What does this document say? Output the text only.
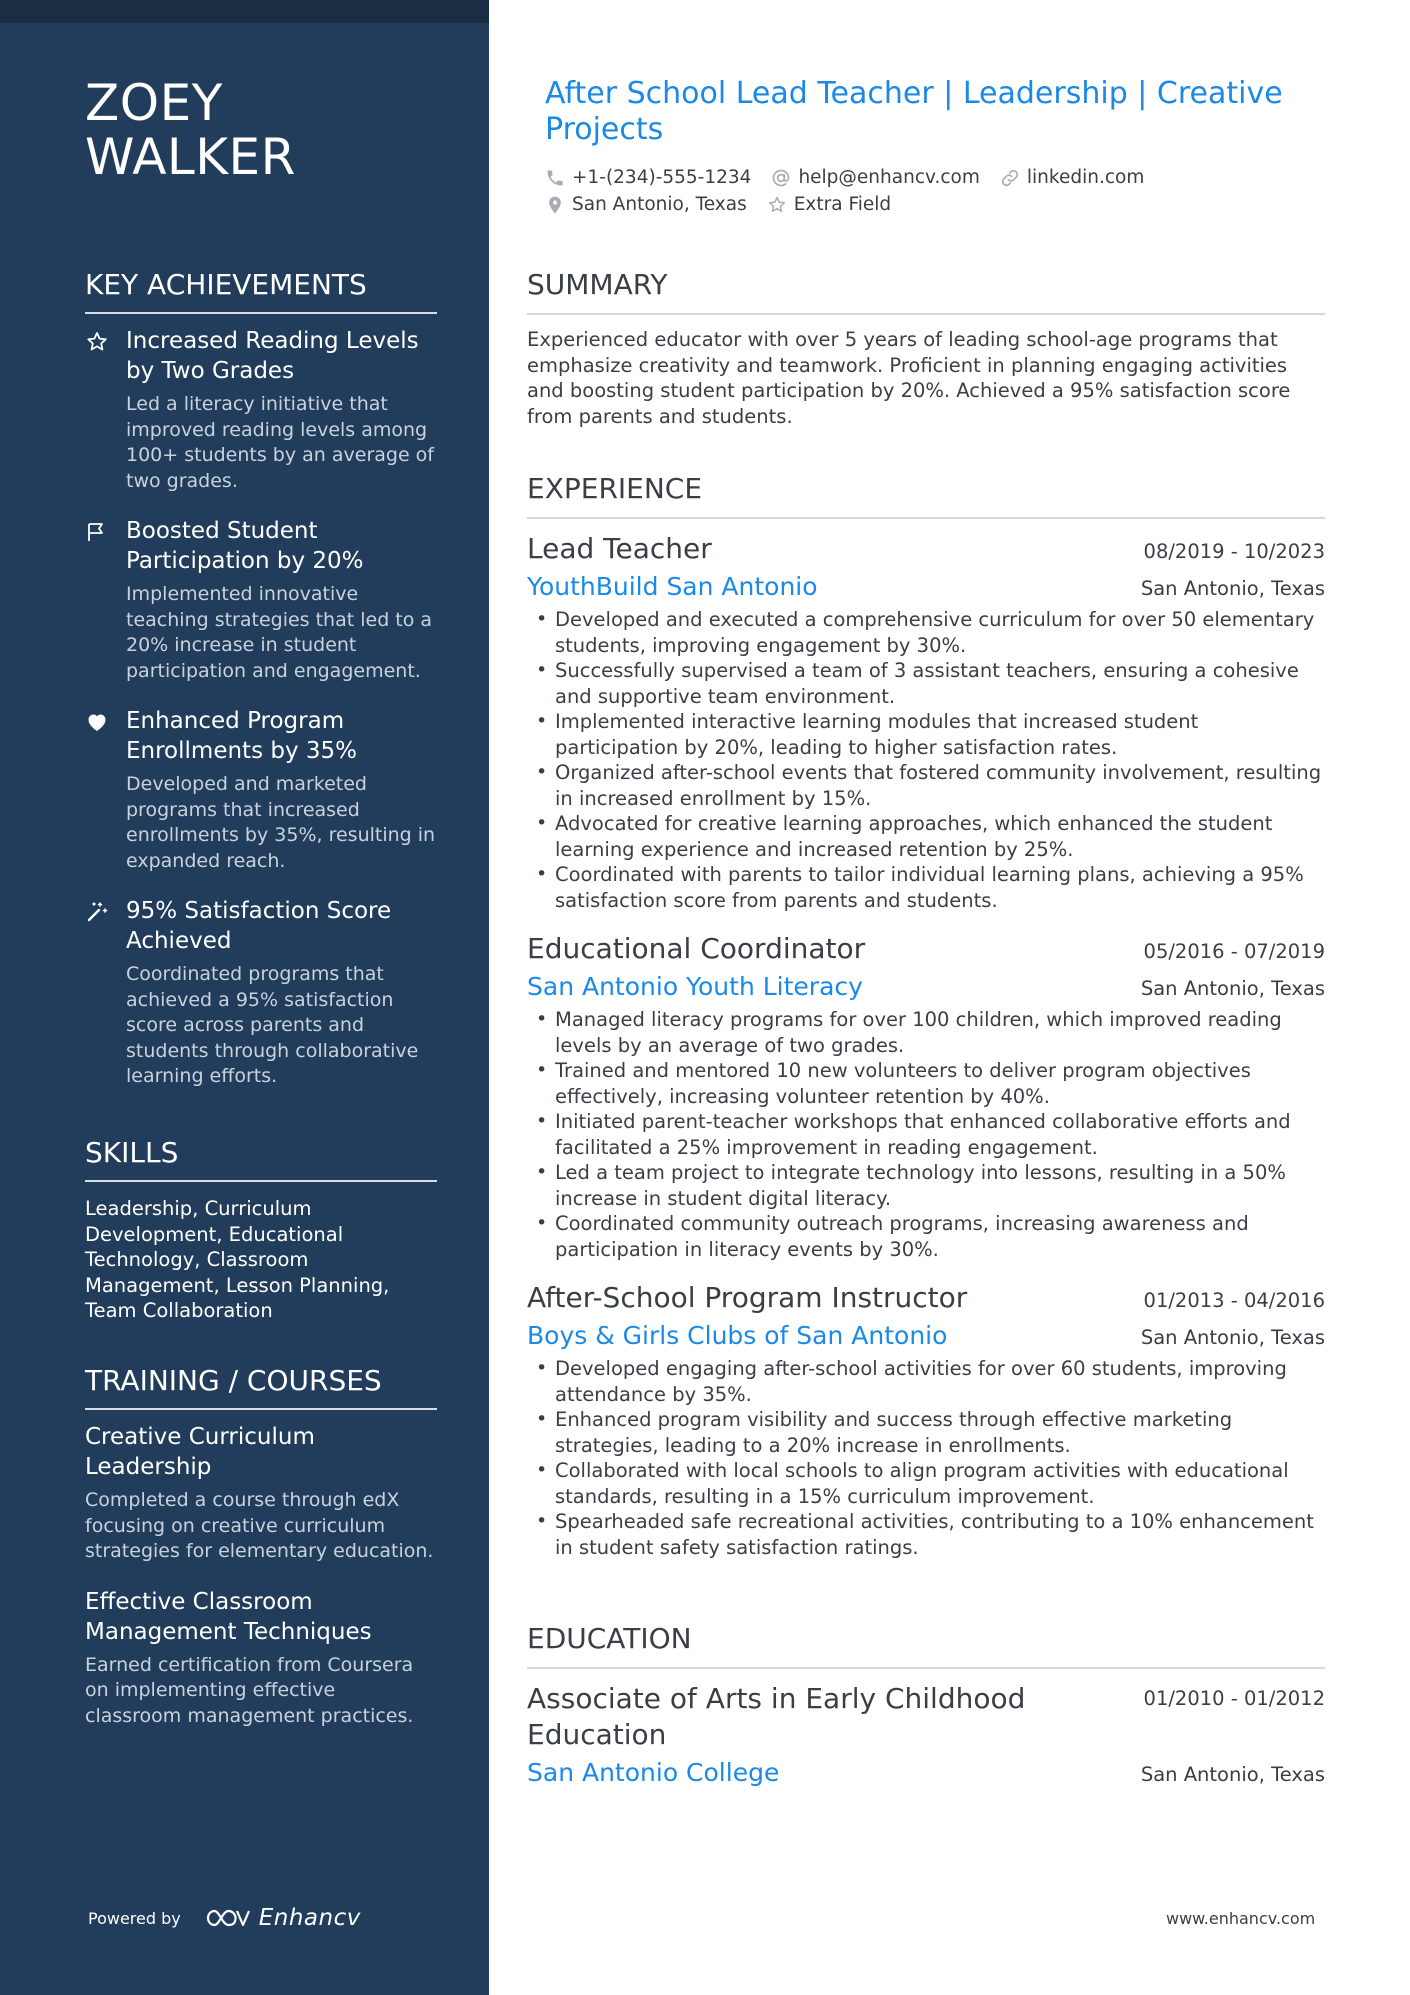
ZOEY
WALKER
KEY ACHIEVEMENTS
Increased Reading Levels by Two Grades
Led a literacy initiative that improved reading levels among 100+ students by an average of two grades.
Boosted Student Participation by 20%
Implemented innovative teaching strategies that led to a 20% increase in student participation and engagement.
Enhanced Program Enrollments by 35%
Developed and marketed programs that increased enrollments by 35%, resulting in expanded reach.
95% Satisfaction Score Achieved
Coordinated programs that achieved a 95% satisfaction score across parents and students through collaborative learning efforts.
SKILLS
Leadership, Curriculum Development, Educational Technology, Classroom Management, Lesson Planning, Team Collaboration
TRAINING / COURSES
Creative Curriculum Leadership
Completed a course through edX focusing on creative curriculum strategies for elementary education.
Effective Classroom Management Techniques
Earned certification from Coursera on implementing effective classroom management practices.
Powered by	Enhancv
After School Lead Teacher | Leadership | Creative Projects
+1-(234)-555-1234	help@enhancv.com	linkedin.com
San Antonio, Texas	Extra Field
SUMMARY

Experienced educator with over 5 years of leading school-age programs that emphasize creativity and teamwork. Proficient in planning engaging activities and boosting student participation by 20%. Achieved a 95% satisfaction score from parents and students.

EXPERIENCE
Lead Teacher	08/2019 - 10/2023
YouthBuild San Antonio	San Antonio, Texas
• Developed and executed a comprehensive curriculum for over 50 elementary students, improving engagement by 30%.
• Successfully supervised a team of 3 assistant teachers, ensuring a cohesive and supportive team environment.
• Implemented interactive learning modules that increased student participation by 20%, leading to higher satisfaction rates.
• Organized after-school events that fostered community involvement, resulting in increased enrollment by 15%.
• Advocated for creative learning approaches, which enhanced the student learning experience and increased retention by 25%.
• Coordinated with parents to tailor individual learning plans, achieving a 95% satisfaction score from parents and students.
Educational Coordinator	05/2016 - 07/2019
San Antonio Youth Literacy	San Antonio, Texas
• Managed literacy programs for over 100 children, which improved reading levels by an average of two grades.
• Trained and mentored 10 new volunteers to deliver program objectives effectively, increasing volunteer retention by 40%.
• Initiated parent-teacher workshops that enhanced collaborative efforts and facilitated a 25% improvement in reading engagement.
• Led a team project to integrate technology into lessons, resulting in a 50% increase in student digital literacy.
• Coordinated community outreach programs, increasing awareness and participation in literacy events by 30%.
After-School Program Instructor	01/2013 - 04/2016
Boys & Girls Clubs of San Antonio	San Antonio, Texas
• Developed engaging after-school activities for over 60 students, improving attendance by 35%.
• Enhanced program visibility and success through effective marketing strategies, leading to a 20% increase in enrollments.
• Collaborated with local schools to align program activities with educational standards, resulting in a 15% curriculum improvement.
• Spearheaded safe recreational activities, contributing to a 10% enhancement in student safety satisfaction ratings.
EDUCATION
Associate of Arts in Early Childhood Education
01/2010 - 01/2012
San Antonio College	San Antonio, Texas
www.enhancv.com
